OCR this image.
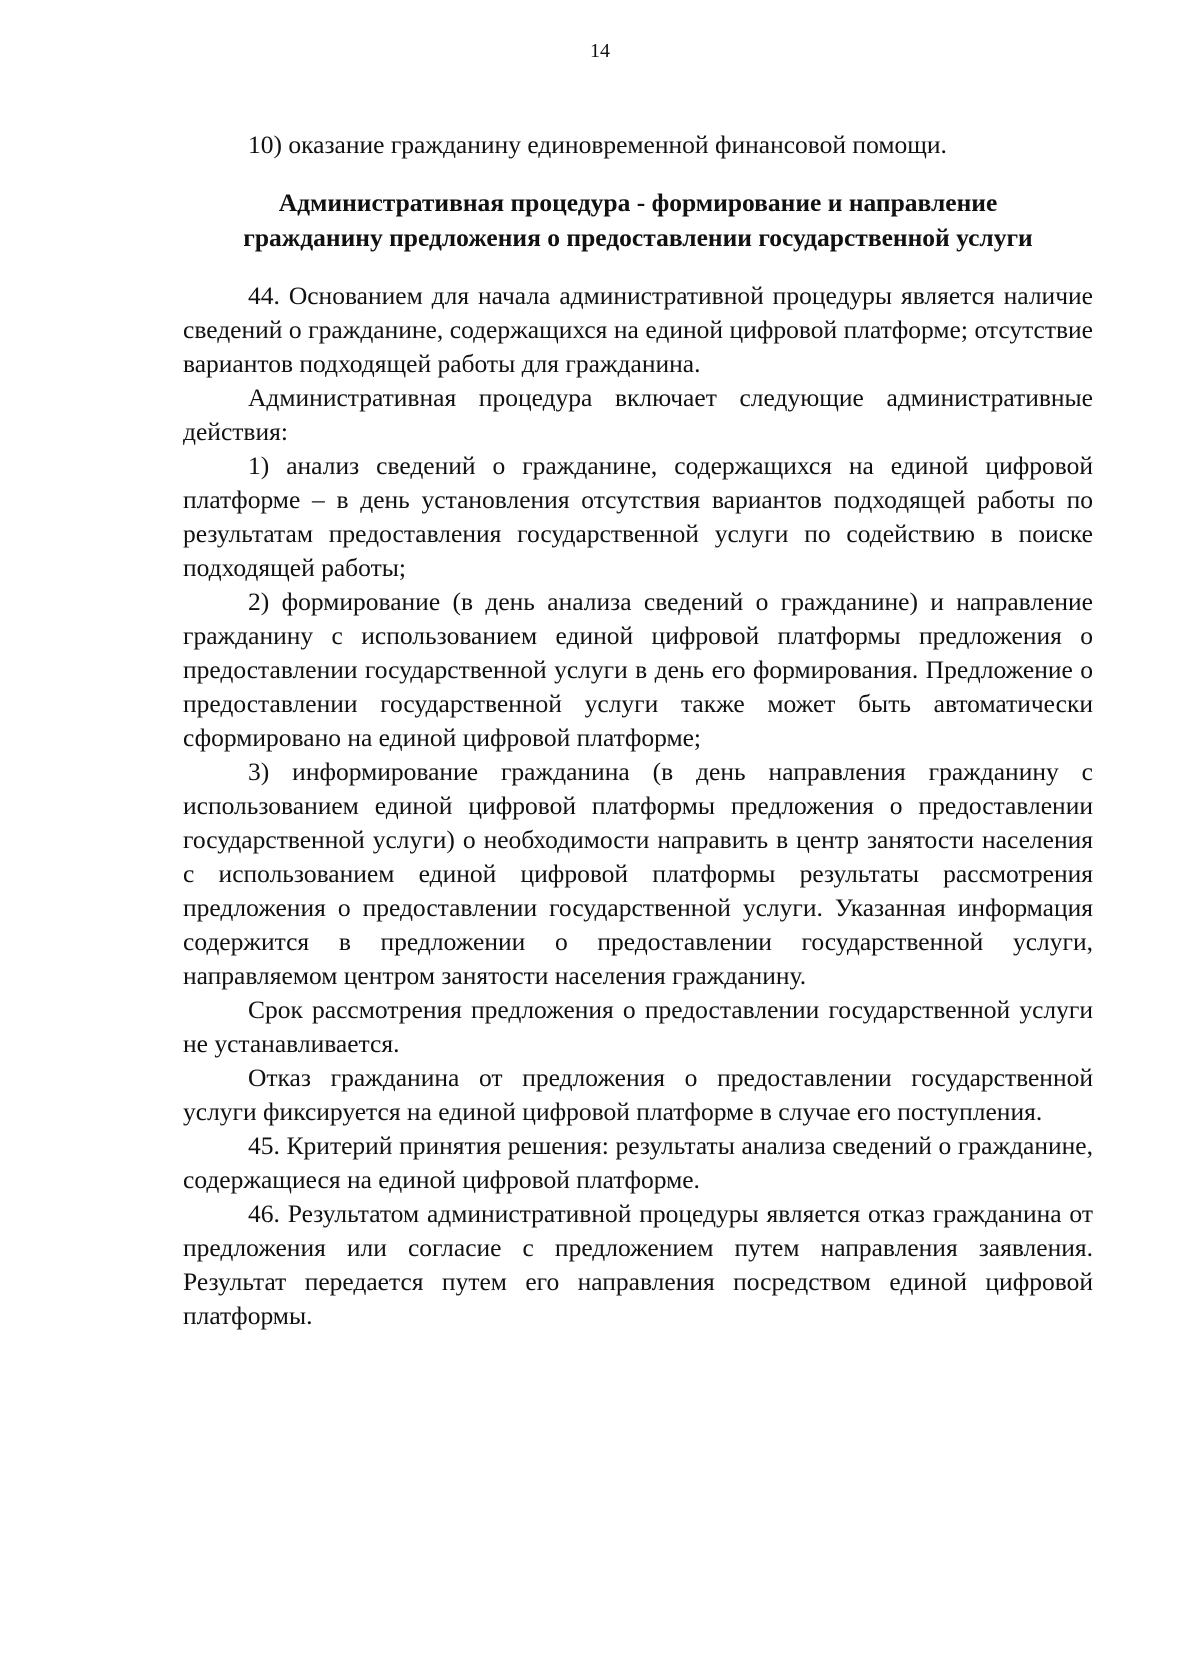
14

10) оказание гражданину единовременной финансовой помощи.

Административная процедура - формирование и направление
гражданину предложения о предоставлении государственной услуги

44. Основанием для начала административной процедуры является наличие сведений о гражданине, содержащихся на единой цифровой платформе; отсутствие вариантов подходящей работы для гражданина.

Административная процедура включает следующие административные действия:

1) анализ сведений о гражданине, содержащихся на единой цифровой платформе – в день установления отсутствия вариантов подходящей работы по результатам предоставления государственной услуги по содействию в поиске подходящей работы;

2) формирование (в день анализа сведений о гражданине) и направление гражданину с использованием единой цифровой платформы предложения о предоставлении государственной услуги в день его формирования. Предложение о предоставлении государственной услуги также может быть автоматически сформировано на единой цифровой платформе;

3) информирование гражданина (в день направления гражданину с использованием единой цифровой платформы предложения о предоставлении государственной услуги) о необходимости направить в центр занятости населения с использованием единой цифровой платформы результаты рассмотрения предложения о предоставлении государственной услуги. Указанная информация содержится в предложении о предоставлении государственной услуги, направляемом центром занятости населения гражданину.

Срок рассмотрения предложения о предоставлении государственной услуги не устанавливается.

Отказ гражданина от предложения о предоставлении государственной услуги фиксируется на единой цифровой платформе в случае его поступления.

45. Критерий принятия решения: результаты анализа сведений о гражданине, содержащиеся на единой цифровой платформе.

46. Результатом административной процедуры является отказ гражданина от предложения или согласие с предложением путем направления заявления. Результат передается путем его направления посредством единой цифровой платформы.
